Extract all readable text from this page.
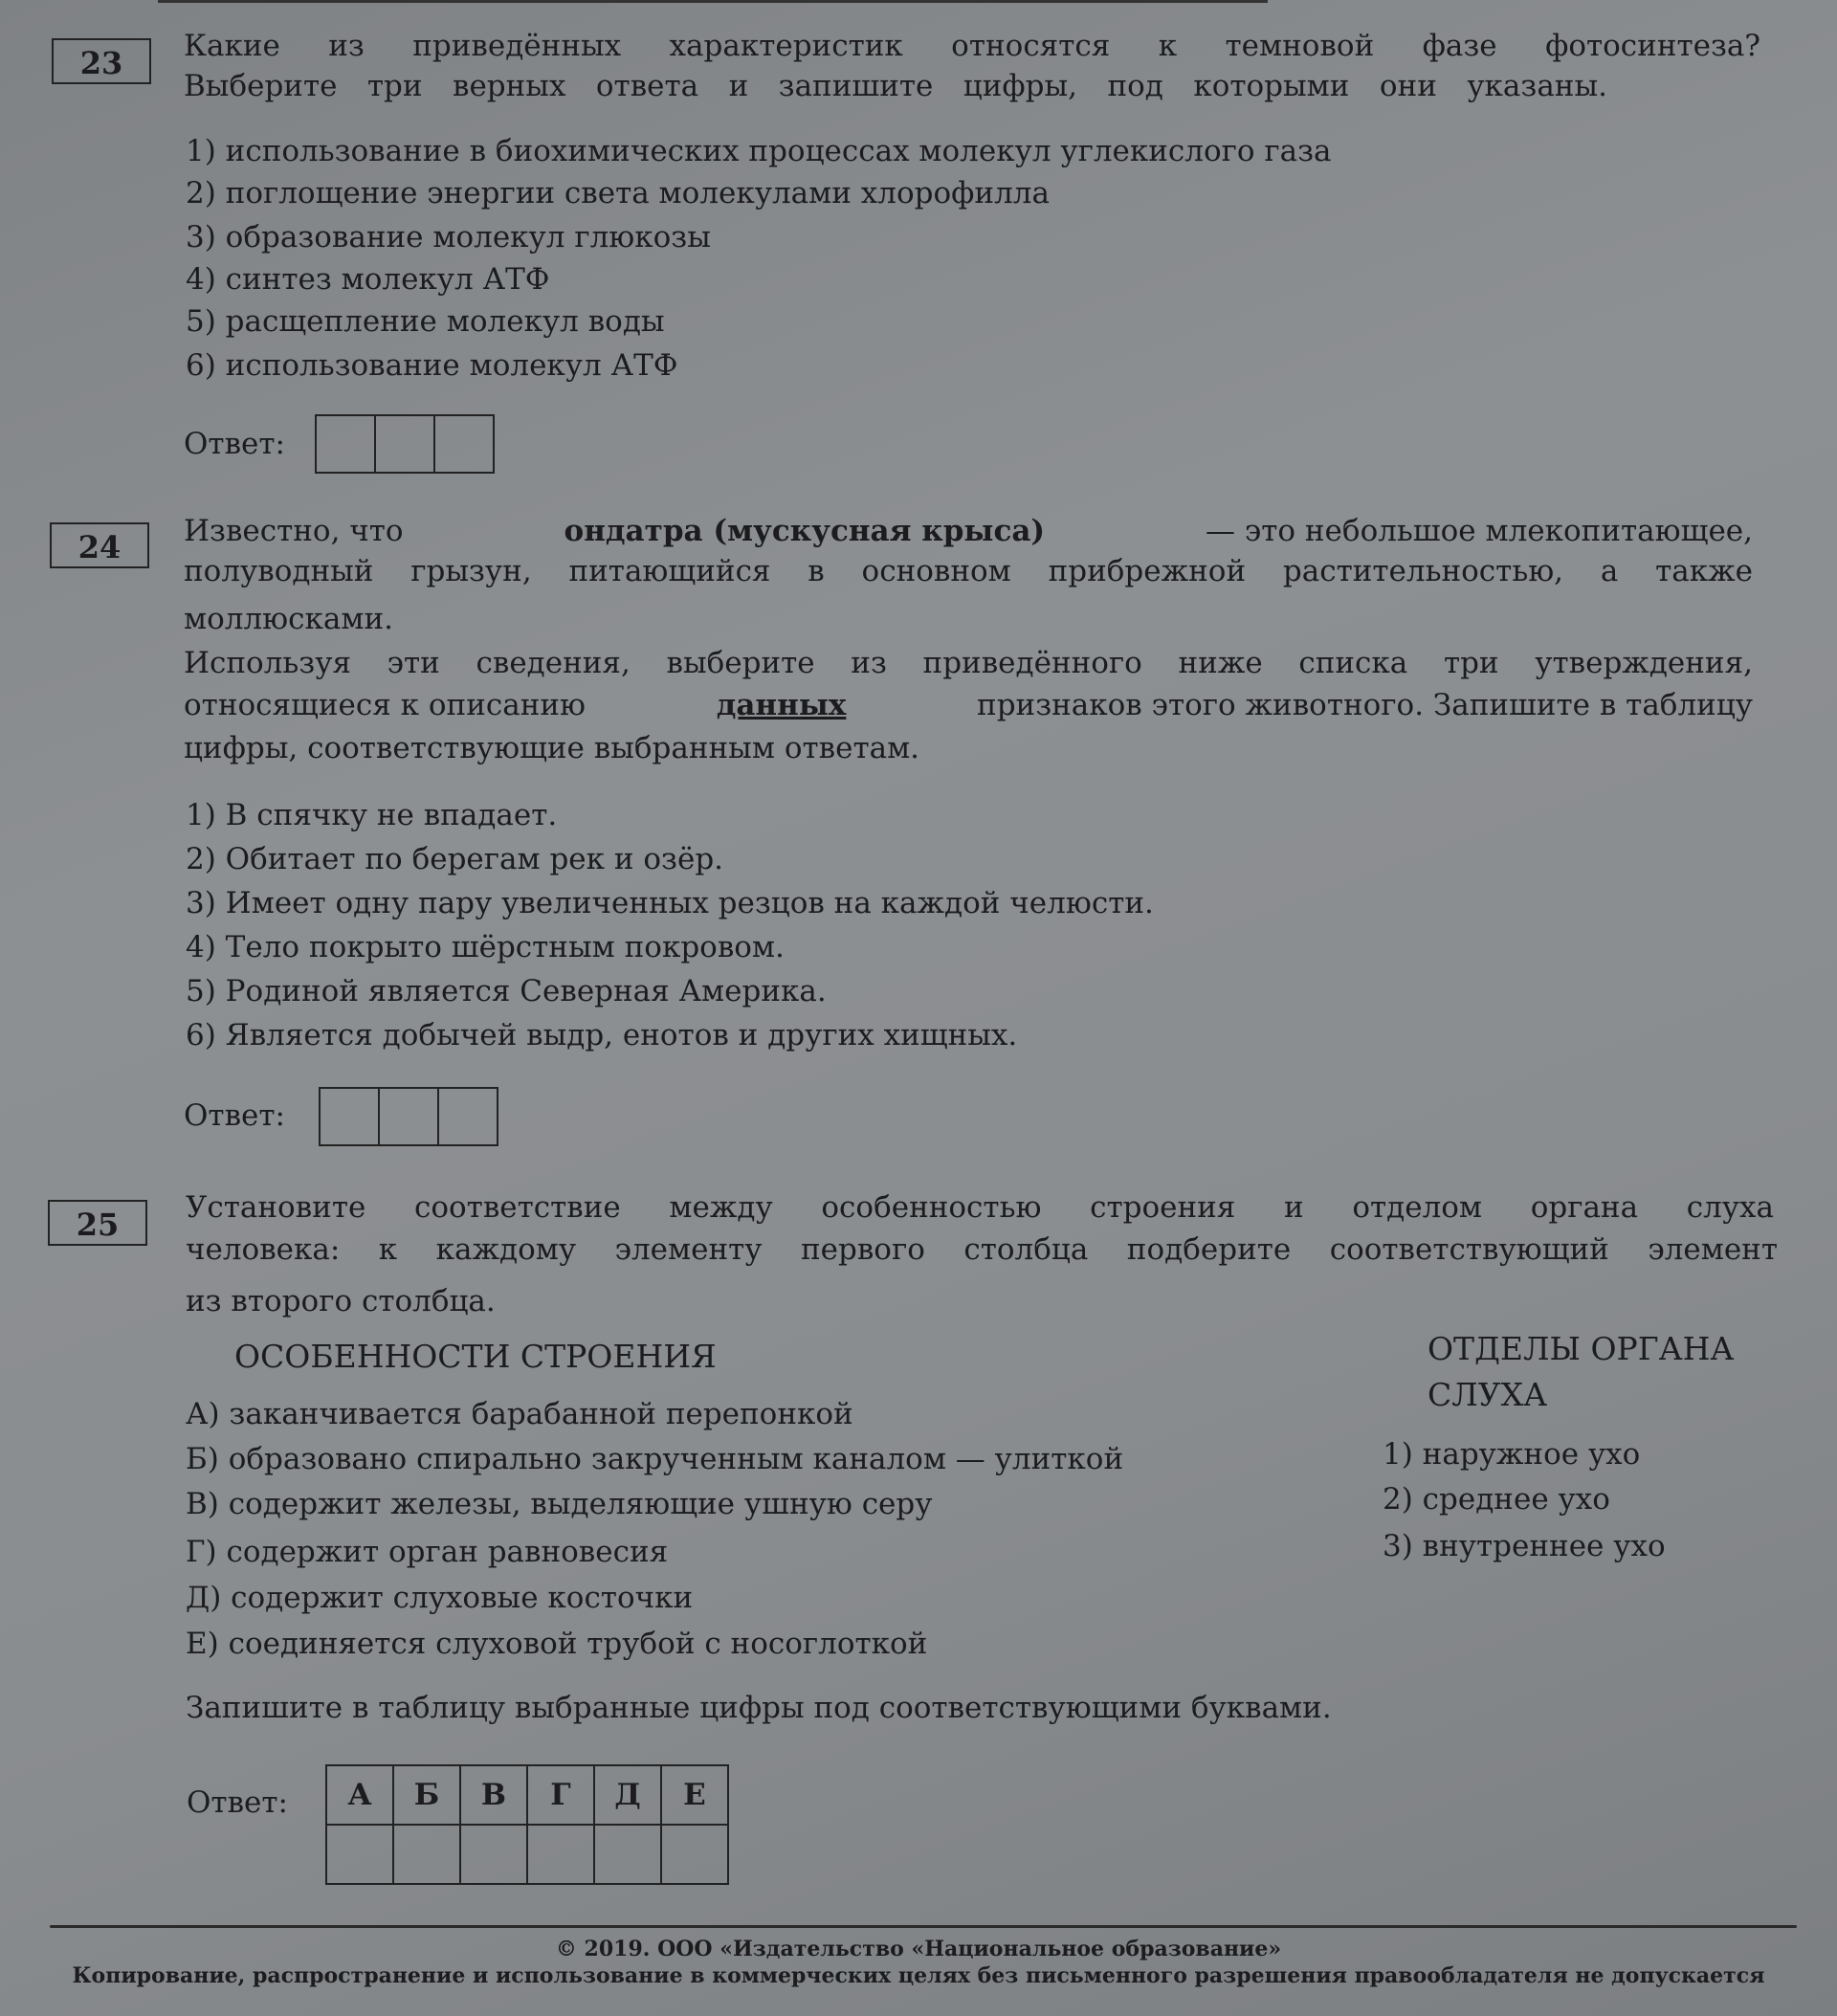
23	Какие из приведённых характеристик относятся к темновой фазе фотосинтеза?
Выберите три верных ответа и запишите цифры, под которыми они указаны.
1) использование в биохимических процессах молекул углекислого газа
2) поглощение энергии света молекулами хлорофилла
3) образование молекул глюкозы
4) синтез молекул АТФ
5) расщепление молекул воды
6) использование молекул АТФ
Ответ:
24	Известно, что	ондатра (мускусная крыса)	— это небольшое млекопитающее,
полуводный грызун, питающийся в основном прибрежной растительностью, а также
моллюсками.
Используя эти сведения, выберите из приведённого ниже списка три утверждения,
относящиеся к описанию	данных	признаков этого животного. Запишите в таблицу
цифры, соответствующие выбранным ответам.
1) В спячку не впадает.
2) Обитает по берегам рек и озёр.
3) Имеет одну пару увеличенных резцов на каждой челюсти.
4) Тело покрыто шёрстным покровом.
5) Родиной является Северная Америка.
6) Является добычей выдр, енотов и других хищных.
Ответ:
25	Установите соответствие между особенностью строения и отделом органа слуха
человека: к каждому элементу первого столбца подберите соответствующий элемент
из второго столбца.
ОСОБЕННОСТИ СТРОЕНИЯ	ОТДЕЛЫ ОРГАНА
СЛУХА
А) заканчивается барабанной перепонкой
Б) образовано спирально закрученным каналом — улиткой
В) содержит железы, выделяющие ушную серу
Г) содержит орган равновесия
Д) содержит слуховые косточки
Е) соединяется слуховой трубой с носоглоткой
1) наружное ухо
2) среднее ухо
3) внутреннее ухо
Запишите в таблицу выбранные цифры под соответствующими буквами.
Ответ: А	Б	В	Г	Д	Е

© 2019. ООО «Издательство «Национальное образование»
Копирование, распространение и использование в коммерческих целях без письменного разрешения правообладателя не допускается
